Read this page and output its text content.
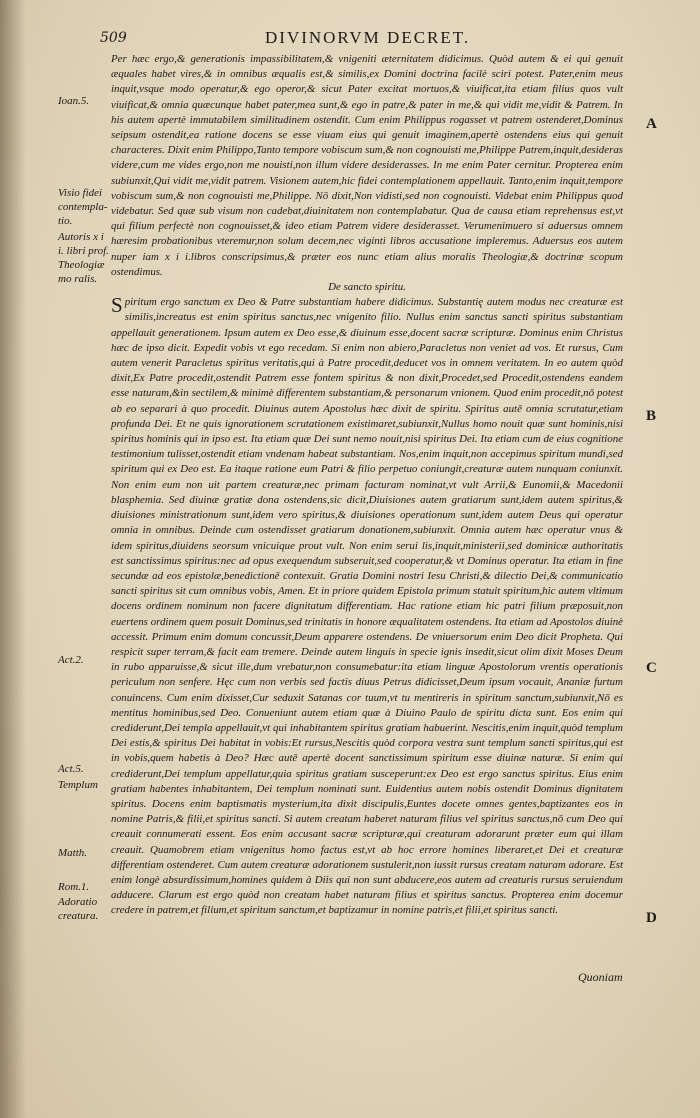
509	DIVINORVM DECRET.

Per hæc ergo,& generationis impassibilitatem,& vnigeniti æternitatem didicimus. Quòd autem & ei qui genuit æquales habet vires,& in omnibus æqualis est,& similis,ex Domini doctrina facilè sciri potest. Pater,enim meus inquit,vsque modo operatur,& ego operor,& sicut Pater excitat mortuos,& viuificat,ita etiam filius quos vult viuificat,& omnia quæcunque habet pater,mea sunt,& ego in patre,& pater in me,& qui vidit me,vidit & Patrem. In his autem apertè immutabilem similitudinem ostendit. Cum enim Philippus rogasset vt patrem ostenderet,Dominus seipsum ostendit,ea ratione docens se esse viuam eius qui genuit imaginem,apertè ostendens eius qui genuit characteres. Dixit enim Philippo,Tanto tempore vobiscum sum,& non cognouisti me,Philippe Patrem,inquit,desideras videre,cum me vides ergo,non me nouisti,non illum videre desiderasses. In me enim Pater cernitur. Propterea enim subiunxit,Qui vidit me,vidit patrem. Visionem autem,hic fidei contemplationem appellauit. Tanto,enim inquit,tempore vobiscum sum,& non cognouisti me,Philippe. Nō dixit,Non vidisti,sed non cognouisti. Videbat enim Philippus quod videbatur. Sed quæ sub visum non cadebat,diuinitatem non contemplabatur. Qua de causa etiam reprehensus est,vt qui filium perfectè non cognouisset,& ideo etiam Patrem videre desiderasset. Verumenimuero si aduersus omnem hæresim probationibus vteremur,non solum decem,nec viginti libros accusatione impleremus. Aduersus eos autem nuper iam x i i.libros conscripsimus,& præter eos nunc etiam alius moralis Theologiæ,& doctrinæ scopum ostendimus.

De sancto spiritu.

Spiritum ergo sanctum ex Deo & Patre substantiam habere didicimus. Substantię autem modus nec creaturæ est similis,increatus est enim spiritus sanctus,nec vnigenito filio. Nullus enim sanctus sancti spiritus substantiam appellauit generationem. Ipsum autem ex Deo esse,& diuinum esse,docent sacræ scripturæ. Dominus enim Christus hæc de ipso dicit. Expedit vobis vt ego recedam. Si enim non abiero,Paracletus non veniet ad vos. Et rursus, Cum autem venerit Paracletus spiritus veritatis,qui à Patre procedit,deducet vos in omnem veritatem. In eo autem quòd dixit,Ex Patre procedit,ostendit Patrem esse fontem spiritus & non dixit,Procedet,sed Procedit,ostendens eandem esse naturam,&in sectilem,& minimè differentem substantiam,& personarum vnionem. Quod enim procedit,nō potest ab eo separari à quo procedit. Diuinus autem Apostolus hæc dixit de spiritu. Spiritus autē omnia scrutatur,etiam profunda Dei. Et ne quis ignorationem scrutationem existimaret,subiunxit,Nullus homo nouit quæ sunt hominis,nisi spiritus hominis qui in ipso est. Ita etiam quæ Dei sunt nemo nouit,nisi spiritus Dei. Ita etiam cum de eius cognitione testimonium tulisset,ostendit etiam vndenam habeat substantiam. Nos,enim inquit,non accepimus spiritum mundi,sed spiritum qui ex Deo est. Ea itaque ratione eum Patri & filio perpetuo coniungit,creaturæ autem nunquam coniunxit. Non enim eum non uit partem creaturæ,nec primam facturam nominat,vt vult Arrii,& Eunomii,& Macedonii blasphemia. Sed diuinæ gratiæ dona ostendens,sic dicit,Diuisiones autem gratiarum sunt,idem autem spiritus,& diuisiones ministrationum sunt,idem vero spiritus,& diuisiones operationum sunt,idem autem Deus qui operatur omnia in omnibus. Deinde cum ostendisset gratiarum donationem,subiunxit. Omnia autem hæc operatur vnus & idem spiritus,diuidens seorsum vnicuique prout vult. Non enim serui lis,inquit,ministerii,sed dominicæ authoritatis est sanctissimus spiritus:nec ad opus exequendum subseruit,sed cooperatur,& vt Dominus operatur. Ita etiam in fine secundæ ad eos epistolæ,benedictionē contexuit. Gratia Domini nostri Iesu Christi,& dilectio Dei,& communicatio sancti spiritus sit cum omnibus vobis, Amen. Et in priore quidem Epistola primum statuit spiritum,hic autem vltimum docens ordinem nominum non facere dignitatum differentiam. Hac ratione etiam hic patri filium præposuit,non euertens ordinem quem posuit Dominus,sed trinitatis in honore æqualitatem ostendens. Ita etiam ad Apostolos diuinè accessit. Primum enim domum concussit,Deum apparere ostendens. De vniuersorum enim Deo dicit Propheta. Qui respicit super terram,& facit eam tremere. Deinde autem linguis in specie ignis insedit,sicut olim dixit Moses Deum in rubo apparuisse,& sicut ille,dum vrebatur,non consumebatur:ita etiam linguæ Apostolorum vrentis operationis periculum non senfere. Hęc cum non verbis sed factis diuus Petrus didicisset,Deum ipsum vocauit, Ananiæ furtum conuincens. Cum enim dixisset,Cur seduxit Satanas cor tuum,vt tu mentireris in spiritum sanctum,subiunxit,Nō es mentitus hominibus,sed Deo. Conueniunt autem etiam quæ à Diuino Paulo de spiritu dicta sunt. Eos enim qui crediderunt,Dei templa appellauit,vt qui inhabitantem spiritus gratiam habuerint. Nescitis,enim inquit,quòd templum Dei estis,& spiritus Dei habitat in vobis:Et rursus,Nescitis quòd corpora vestra sunt templum sancti spiritus,qui est in vobis,quem habetis à Deo? Hæc autē apertè docent sanctissimum spiritum esse diuinæ naturæ. Si enim qui crediderunt,Dei templum appellatur,quia spiritus gratiam susceperunt:ex Deo est ergo sanctus spiritus. Eius enim gratiam habentes inhabitantem, Dei templum nominati sunt. Euidentius autem nobis ostendit Dominus dignitatem spiritus. Docens enim baptismatis mysterium,ita dixit discipulis,Euntes docete omnes gentes,baptizantes eos in nomine Patris,& filii,et spiritus sancti. Si autem creatam haberet naturam filius vel spiritus sanctus,nō cum Deo qui creauit connumerati essent. Eos enim accusant sacræ scripturæ,qui creaturam adorarunt præter eum qui illam creauit. Quamobrem etiam vnigenitus homo factus est,vt ab hoc errore homines liberaret,et Dei et creaturæ differentiam ostenderet. Cum autem creaturæ adorationem sustulerit,non iussit rursus creatam naturam adorare. Est enim longè absurdissimum,homines quidem à Diis qui non sunt abducere,eos autem ad creaturis rursus seruiendum adducere. Clarum est ergo quòd non creatam habet naturam filius et spiritus sanctus. Propterea enim docemur credere in patrem,et filium,et spiritum sanctum,et baptizamur in nomine patris,et filii,et spiritus sancti.

Ioan.5.
Visio fidei contempla- tio.
Autoris x i i. libri prof. Theologiæ mo ralis.
Act.2.
Act.5.
Templum
Matth.
Rom.1.
Adoratio creatura.
A
B
C
D
Quoniam
